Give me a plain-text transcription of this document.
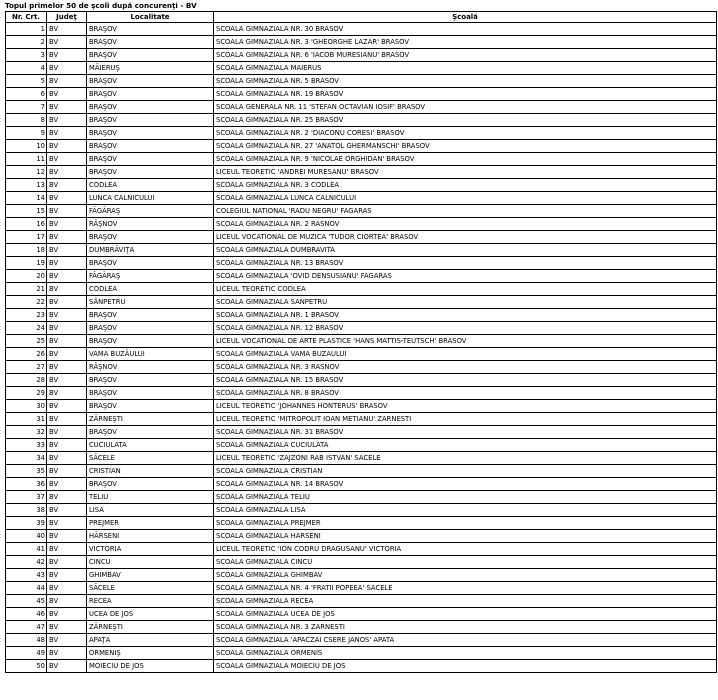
Topul primelor 50 de şcoli după concurenţi - BV
Nr. Crt.	Judeţ	Localitate	Şcoală
1	BV	BRAŞOV	SCOALA GIMNAZIALA NR. 30 BRASOV
2	BV	BRAŞOV	SCOALA GIMNAZIALA NR. 3 'GHEORGHE LAZAR' BRASOV
3	BV	BRAŞOV	SCOALA GIMNAZIALA NR. 6 'IACOB MURESIANU' BRASOV
4	BV	MĂIERUŞ	SCOALA GIMNAZIALA MAIERUS
5	BV	BRAŞOV	SCOALA GIMNAZIALA NR. 5 BRASOV
6	BV	BRAŞOV	SCOALA GIMNAZIALA NR. 19 BRASOV
7	BV	BRAŞOV	SCOALA GENERALA NR. 11 'STEFAN OCTAVIAN IOSIF' BRASOV
8	BV	BRAŞOV	SCOALA GIMNAZIALA NR. 25 BRASOV
9	BV	BRAŞOV	SCOALA GIMNAZIALA NR. 2 'DIACONU CORESI' BRASOV
10	BV	BRAŞOV	SCOALA GIMNAZIALA NR. 27 'ANATOL GHERMANSCHI' BRASOV
11	BV	BRAŞOV	SCOALA GIMNAZIALA NR. 9 'NICOLAE ORGHIDAN' BRASOV
12	BV	BRAŞOV	LICEUL TEORETIC 'ANDREI MURESANU' BRASOV
13	BV	CODLEA	SCOALA GIMNAZIALA NR. 3 CODLEA
14	BV	LUNCA CALNICULUI	SCOALA GIMNAZIALA LUNCA CALNICULUI
15	BV	FĂGĂRAŞ	COLEGIUL NATIONAL 'RADU NEGRU' FAGARAS
16	BV	RÂŞNOV	SCOALA GIMNAZIALA NR. 2 RASNOV
17	BV	BRAŞOV	LICEUL VOCATIONAL DE MUZICA 'TUDOR CIORTEA' BRASOV
18	BV	DUMBRĂVIŢA	SCOALA GIMNAZIALA DUMBRAVITA
19	BV	BRAŞOV	SCOALA GIMNAZIALA NR. 13 BRASOV
20	BV	FĂGĂRAŞ	SCOALA GIMNAZIALA 'OVID DENSUSIANU' FAGARAS
21	BV	CODLEA	LICEUL TEORETIC CODLEA
22	BV	SÂNPETRU	SCOALA GIMNAZIALA SANPETRU
23	BV	BRAŞOV	SCOALA GIMNAZIALA NR. 1 BRASOV
24	BV	BRAŞOV	SCOALA GIMNAZIALA NR. 12 BRASOV
25	BV	BRAŞOV	LICEUL VOCATIONAL DE ARTE PLASTICE 'HANS MATTIS-TEUTSCH' BRASOV
26	BV	VAMA BUZĂULUI	SCOALA GIMNAZIALA VAMA BUZAULUI
27	BV	RÂŞNOV	SCOALA GIMNAZIALA NR. 3 RASNOV
28	BV	BRAŞOV	SCOALA GIMNAZIALA NR. 15 BRASOV
29	BV	BRAŞOV	SCOALA GIMNAZIALA NR. 8 BRASOV
30	BV	BRAŞOV	LICEUL TEORETIC 'JOHANNES HONTERUS' BRASOV
31	BV	ZĂRNEŞTI	LICEUL TEORETIC 'MITROPOLIT IOAN METIANU' ZARNESTI
32	BV	BRAŞOV	SCOALA GIMNAZIALA NR. 31 BRASOV
33	BV	CUCIULATA	SCOALA GIMNAZIALA CUCIULATA
34	BV	SĂCELE	LICEUL TEORETIC 'ZAJZONI RAB ISTVAN' SACELE
35	BV	CRISTIAN	SCOALA GIMNAZIALA CRISTIAN
36	BV	BRAŞOV	SCOALA GIMNAZIALA NR. 14 BRASOV
37	BV	TELIU	SCOALA GIMNAZIALA TELIU
38	BV	LISA	SCOALA GIMNAZIALA LISA
39	BV	PREJMER	SCOALA GIMNAZIALA PREJMER
40	BV	HĂRSENI	SCOALA GIMNAZIALA HARSENI
41	BV	VICTORIA	LICEUL TEORETIC 'ION CODRU DRAGUSANU' VICTORIA
42	BV	CINCU	SCOALA GIMNAZIALA CINCU
43	BV	GHIMBAV	SCOALA GIMNAZIALA GHIMBAV
44	BV	SĂCELE	SCOALA GIMNAZIALA NR. 4 'FRATII POPEEA' SACELE
45	BV	RECEA	SCOALA GIMNAZIALA RECEA
46	BV	UCEA DE JOS	SCOALA GIMNAZIALA UCEA DE JOS
47	BV	ZĂRNEŞTI	SCOALA GIMNAZIALA NR. 3 ZARNESTI
48	BV	APAŢA	SCOALA GIMNAZIALA 'APACZAI CSERE JANOS' APATA
49	BV	ORMENIŞ	SCOALA GIMNAZIALA ORMENIS
50	BV	MOIECIU DE JOS	SCOALA GIMNAZIALA MOIECIU DE JOS
